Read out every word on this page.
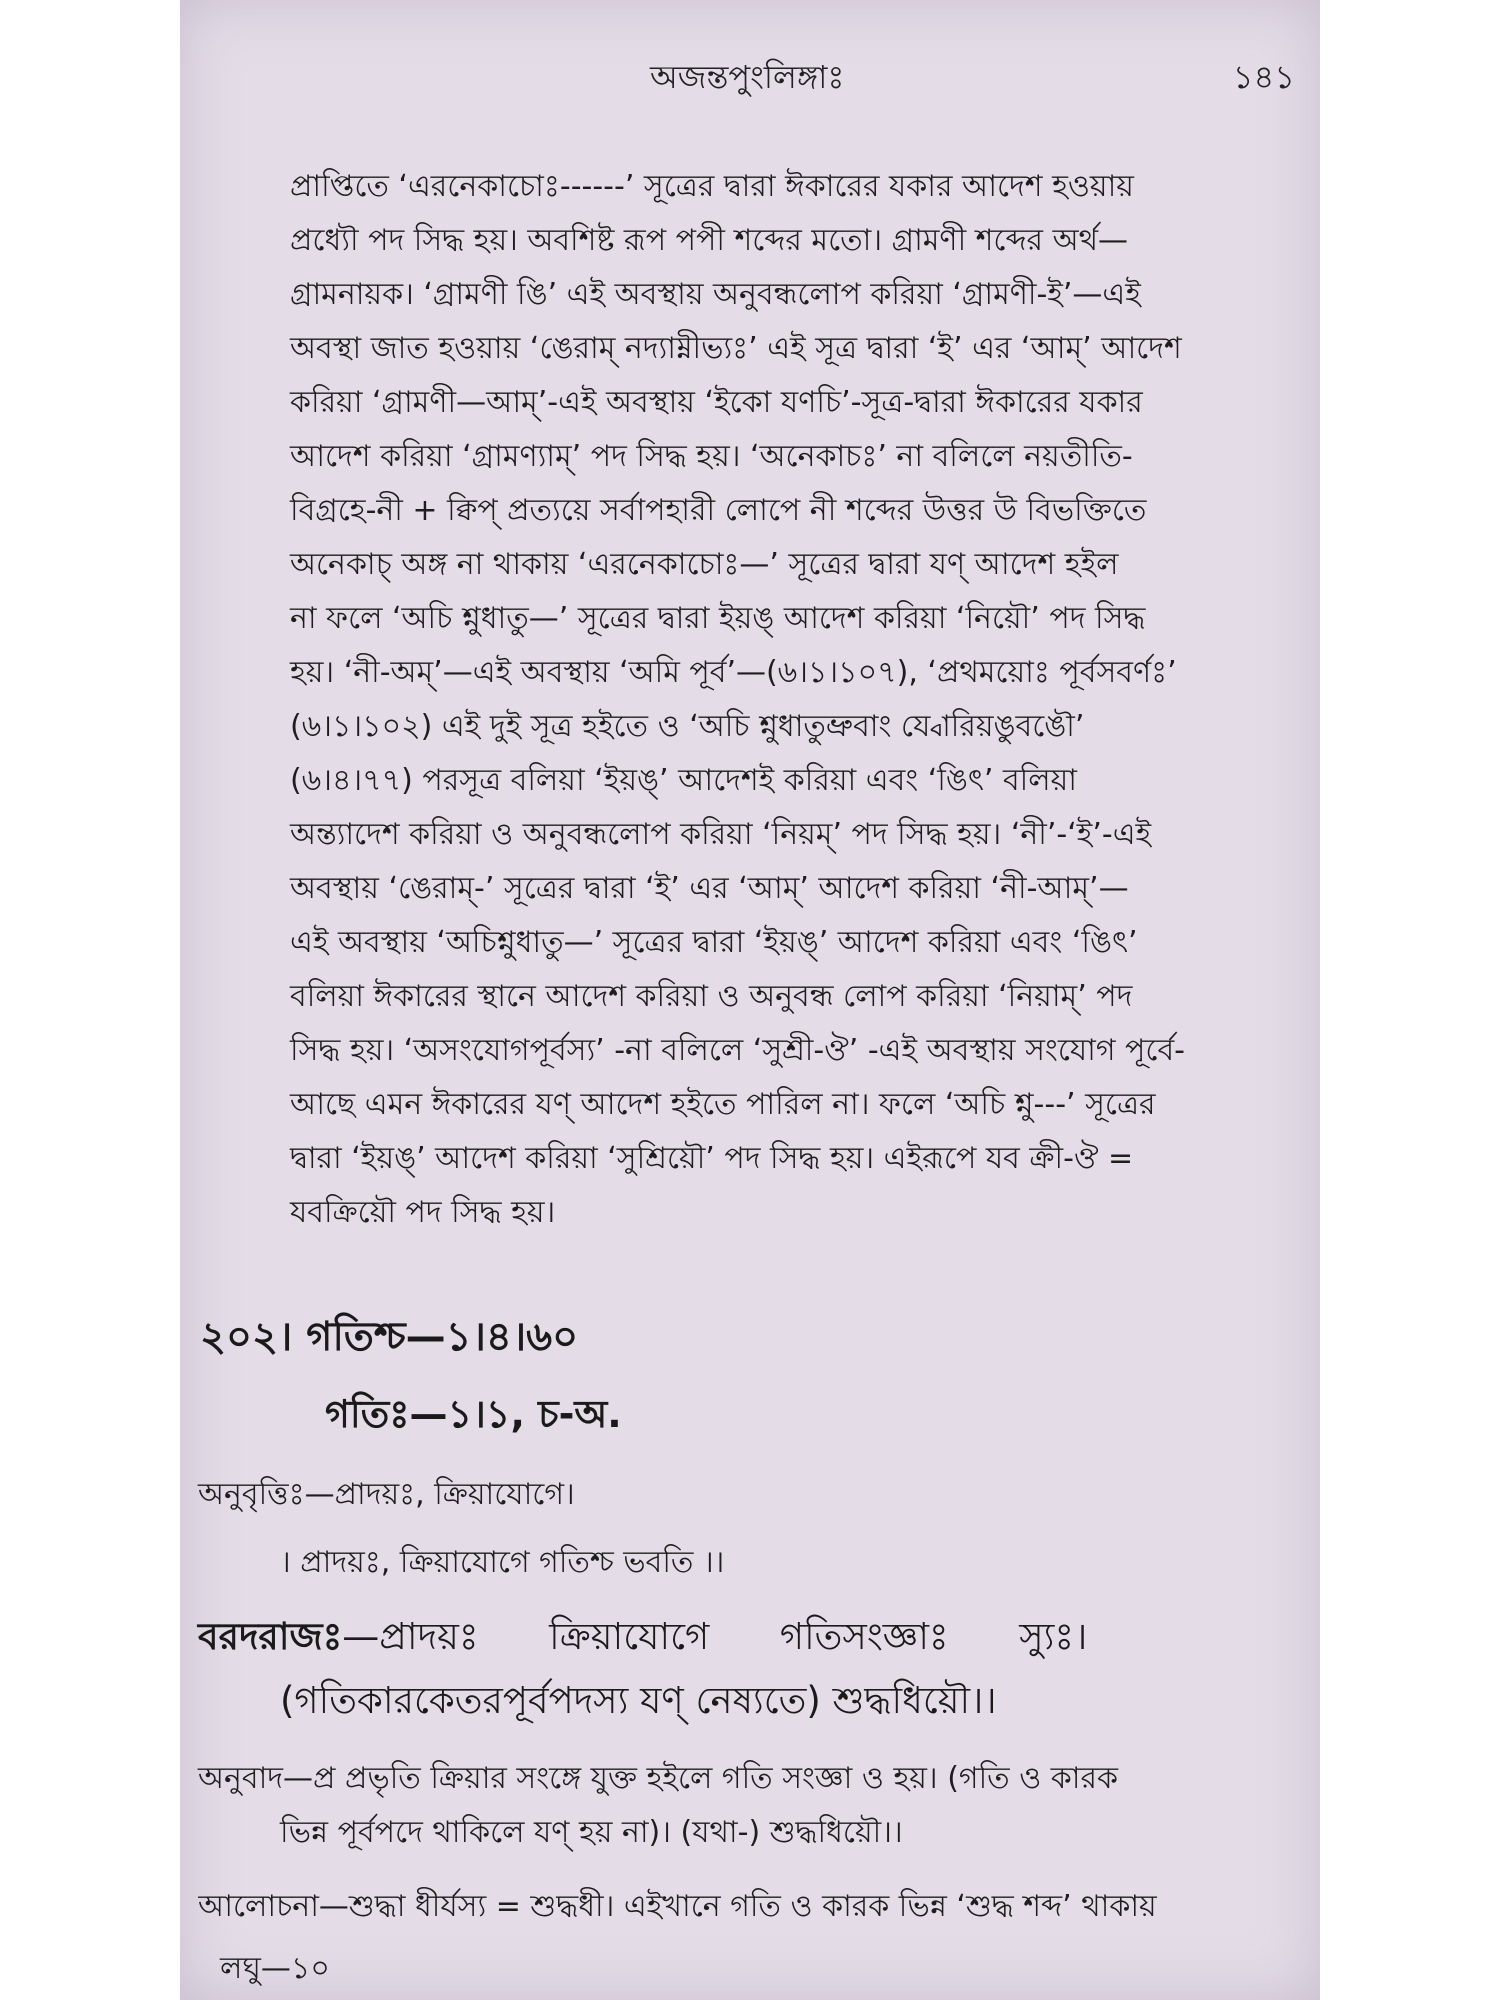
অজন্তপুংলিঙ্গাঃ	১৪১

প্রাপ্তিতে ‘এরনেকাচোঃ------’ সূত্রের দ্বারা ঈকারের যকার আদেশ হওয়ায়

প্রধ্যৌ পদ সিদ্ধ হয়। অবশিষ্ট রূপ পপী শব্দের মতো। গ্রামণী শব্দের অর্থ—

গ্রামনায়ক। ‘গ্রামণী ঙি’ এই অবস্থায় অনুবন্ধলোপ করিয়া ‘গ্রামণী-ই’—এই

অবস্থা জাত হওয়ায় ‘ঙেরাম্ নদ্যাম্নীভ্যঃ’ এই সূত্র দ্বারা ‘ই’ এর ‘আম্’ আদেশ

করিয়া ‘গ্রামণী—আম্’-এই অবস্থায় ‘ইকো যণচি’-সূত্র-দ্বারা ঈকারের যকার

আদেশ করিয়া ‘গ্রামণ্যাম্’ পদ সিদ্ধ হয়। ‘অনেকাচঃ’ না বলিলে নয়তীতি-

বিগ্রহে-নী + ক্বিপ্ প্রত্যয়ে সর্বাপহারী লোপে নী শব্দের উত্তর উ বিভক্তিতে

অনেকাচ্ অঙ্গ না থাকায় ‘এরনেকাচোঃ—’ সূত্রের দ্বারা যণ্ আদেশ হইল

না ফলে ‘অচি শ্নুধাতু—’ সূত্রের দ্বারা ইয়ঙ্ আদেশ করিয়া ‘নিয়ৌ’ পদ সিদ্ধ

হয়। ‘নী-অম্’—এই অবস্থায় ‘অমি পূর্ব’—(৬।১।১০৭), ‘প্রথময়োঃ পূর্বসবর্ণঃ’

(৬।১।১০২) এই দুই সূত্র হইতে ও ‘অচি শ্নুধাতুভ্রুবাং য্বোরিয়ঙুবঙৌ’

(৬।৪।৭৭) পরসূত্র বলিয়া ‘ইয়ঙ্’ আদেশই করিয়া এবং ‘ঙিৎ’ বলিয়া

অন্ত্যাদেশ করিয়া ও অনুবন্ধলোপ করিয়া ‘নিয়ম্’ পদ সিদ্ধ হয়। ‘নী’-‘ই’-এই

অবস্থায় ‘ঙেরাম্-’ সূত্রের দ্বারা ‘ই’ এর ‘আম্’ আদেশ করিয়া ‘নী-আম্’—

এই অবস্থায় ‘অচিশ্নুধাতু—’ সূত্রের দ্বারা ‘ইয়ঙ্’ আদেশ করিয়া এবং ‘ঙিৎ’

বলিয়া ঈকারের স্থানে আদেশ করিয়া ও অনুবন্ধ লোপ করিয়া ‘নিয়াম্’ পদ

সিদ্ধ হয়। ‘অসংযোগপূর্বস্য’ -না বলিলে ‘সুশ্রী-ঔ’ -এই অবস্থায় সংযোগ পূর্বে-

আছে এমন ঈকারের যণ্ আদেশ হইতে পারিল না। ফলে ‘অচি শ্নু---’ সূত্রের

দ্বারা ‘ইয়ঙ্’ আদেশ করিয়া ‘সুশ্রিয়ৌ’ পদ সিদ্ধ হয়। এইরূপে যব ক্রী-ঔ =

যবক্রিয়ৌ পদ সিদ্ধ হয়।

২০২। গতিশ্চ—১।৪।৬০
গতিঃ—১।১, চ-অ.
অনুবৃত্তিঃ—প্রাদয়ঃ, ক্রিয়াযোগে।
। প্রাদয়ঃ, ক্রিয়াযোগে গতিশ্চ ভবতি ।।
বরদরাজঃ—প্রাদয়ঃ      ক্রিয়াযোগে      গতিসংজ্ঞাঃ      স্যুঃ।
(গতিকারকেতরপূর্বপদস্য যণ্ নেষ্যতে) শুদ্ধধিয়ৌ।।
অনুবাদ—প্র প্রভৃতি ক্রিয়ার সংঙ্গে যুক্ত হইলে গতি সংজ্ঞা ও হয়। (গতি ও কারক
ভিন্ন পূর্বপদে থাকিলে যণ্ হয় না)। (যথা-) শুদ্ধধিয়ৌ।।
আলোচনা—শুদ্ধা ধীর্যস্য = শুদ্ধধী। এইখানে গতি ও কারক ভিন্ন ‘শুদ্ধ শব্দ’ থাকায়
লঘু—১০
